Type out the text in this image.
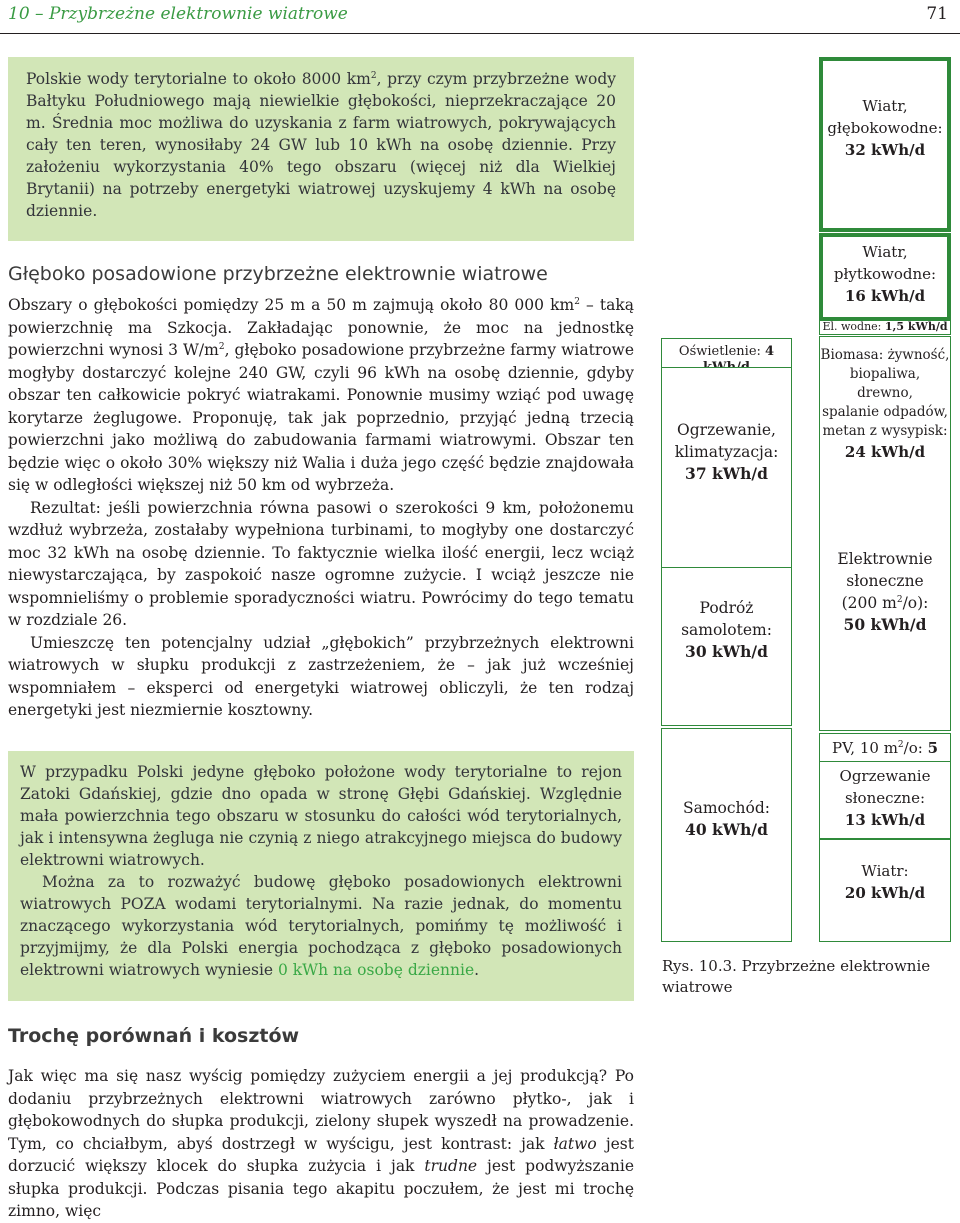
10 – Przybrzeżne elektrownie wiatrowe	71

Polskie wody terytorialne to około 8000 $km^2$, przy czym przybrzeżne wody Bałtyku Południowego mają niewielkie głębokości, nieprzekraczające 20 m. Średnia moc możliwa do uzyskania z farm wiatrowych, pokrywających cały ten teren, wynosiłaby 24 GW lub 10 kWh na osobę dziennie. Przy założeniu wykorzystania 40% tego obszaru (więcej niż dla Wielkiej Brytanii) na potrzeby energetyki wiatrowej uzyskujemy 4 kWh na osobę dziennie.

Głęboko posadowione przybrzeżne elektrownie wiatrowe

Obszary o głębokości pomiędzy 25 m a 50 m zajmują około 80 000 $km^2$ – taką powierzchnię ma Szkocja. Zakładając ponownie, że moc na jednostkę powierzchni wynosi 3 $W/m^2$, głęboko posadowione przybrzeżne farmy wiatrowe mogłyby dostarczyć kolejne 240 GW, czyli 96 kWh na osobę dziennie, gdyby obszar ten całkowicie pokryć wiatrakami. Ponownie musimy wziąć pod uwagę korytarze żeglugowe. Proponuję, tak jak poprzednio, przyjąć jedną trzecią powierzchni jako możliwą do zabudowania farmami wiatrowymi. Obszar ten będzie więc o około 30% większy niż Walia i duża jego część będzie znajdowała się w odległości większej niż 50 km od wybrzeża.

Rezultat: jeśli powierzchnia równa pasowi o szerokości 9 km, położonemu wzdłuż wybrzeża, zostałaby wypełniona turbinami, to mogłyby one dostarczyć moc 32 kWh na osobę dziennie. To faktycznie wielka ilość energii, lecz wciąż niewystarczająca, by zaspokoić nasze ogromne zużycie. I wciąż jeszcze nie wspomnieliśmy o problemie sporadyczności wiatru. Powrócimy do tego tematu w rozdziale 26.

Umieszczę ten potencjalny udział „głębokich” przybrzeżnych elektrowni wiatrowych w słupku produkcji z zastrzeżeniem, że – jak już wcześniej wspomniałem – eksperci od energetyki wiatrowej obliczyli, że ten rodzaj energetyki jest niezmiernie kosztowny.

W przypadku Polski jedyne głęboko położone wody terytorialne to rejon Zatoki Gdańskiej, gdzie dno opada w stronę Głębi Gdańskiej. Względnie mała powierzchnia tego obszaru w stosunku do całości wód terytorialnych, jak i intensywna żegluga nie czynią z niego atrakcyjnego miejsca do budowy elektrowni wiatrowych.

Można za to rozważyć budowę głęboko posadowionych elektrowni wiatrowych POZA wodami terytorialnymi. Na razie jednak, do momentu znaczącego wykorzystania wód terytorialnych, pomińmy tę możliwość i przyjmijmy, że dla Polski energia pochodząca z głęboko posadowionych elektrowni wiatrowych wyniesie 0 kWh na osobę dziennie.

Trochę porównań i kosztów

Jak więc ma się nasz wyścig pomiędzy zużyciem energii a jej produkcją? Po dodaniu przybrzeżnych elektrowni wiatrowych zarówno płytko-, jak i głębokowodnych do słupka produkcji, zielony słupek wyszedł na prowadzenie. Tym, co chciałbym, abyś dostrzegł w wyścigu, jest kontrast: jak łatwo jest dorzucić większy klocek do słupka zużycia i jak trudne jest podwyższanie słupka produkcji. Podczas pisania tego akapitu poczułem, że jest mi trochę zimno, więc

Wiatr,
głębokowodne:
32 kWh/d
Wiatr,
płytkowodne:
16 kWh/d
El. wodne: 1,5 kWh/d
Biomasa: żywność,
biopaliwa, drewno,
spalanie odpadów,
metan z wysypisk:
24 kWh/d
Elektrownie
słoneczne
(200 $m^2/o$):
50 kWh/d
PV, 10 $m^2/o$: 5
Ogrzewanie
słoneczne:
13 kWh/d
Wiatr:
20 kWh/d
Oświetlenie: 4
Ogrzewanie,
klimatyzacja:
37 kWh/d
Podróż
samolotem:
30 kWh/d
Samochód:
40 kWh/d
Rys. 10.3. Przybrzeżne elektrownie wiatrowe
